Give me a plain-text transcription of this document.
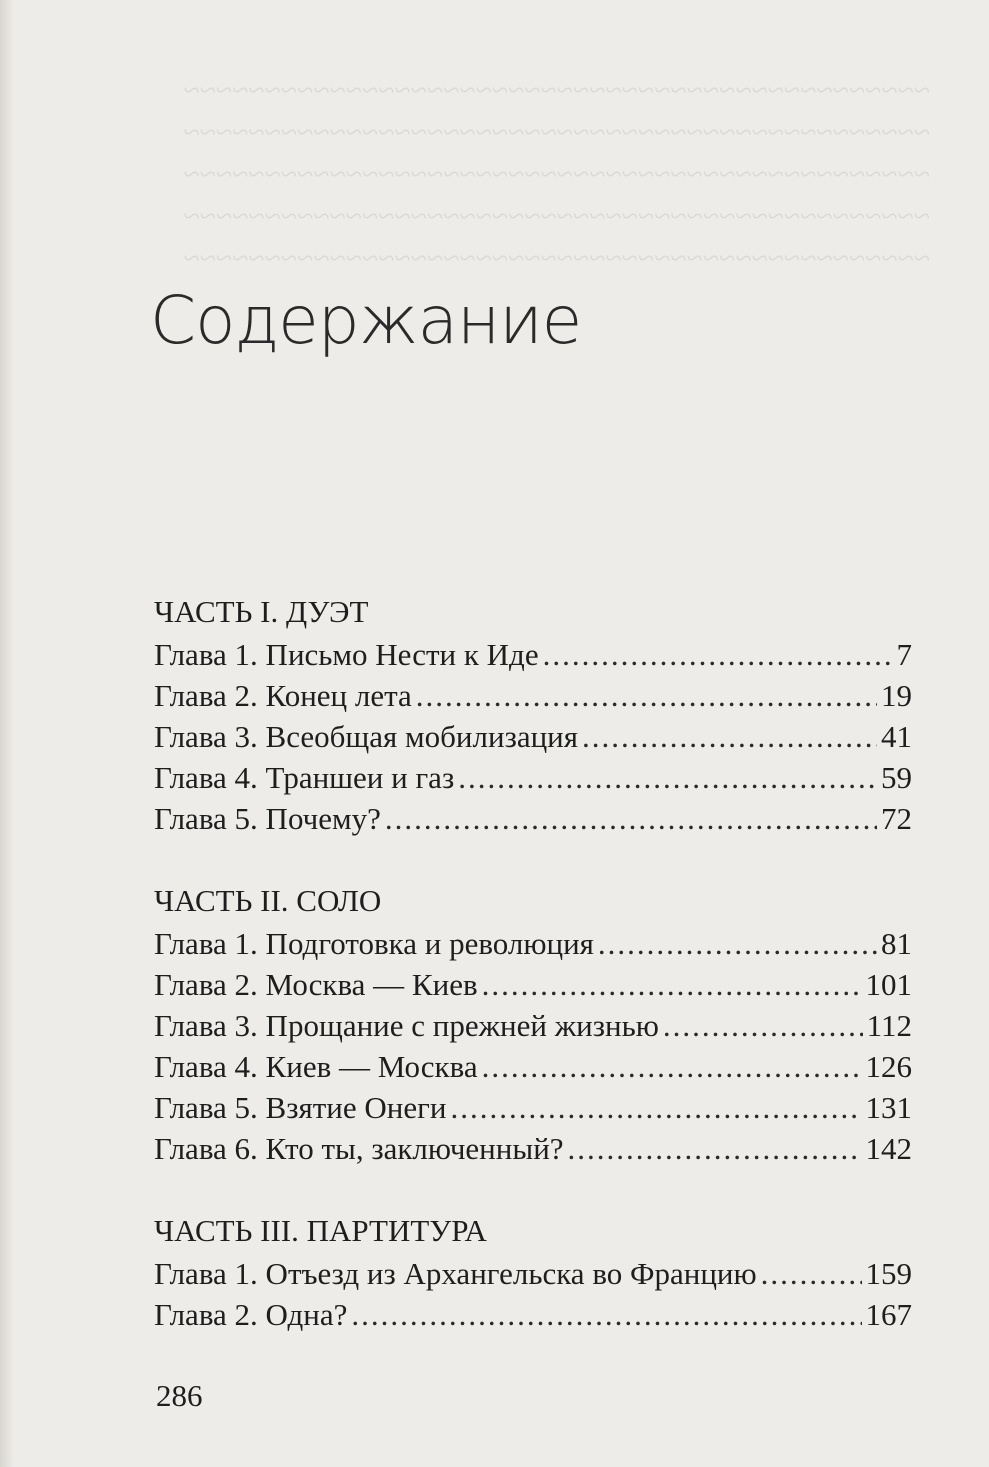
~~~~~~~~~~~~~~~~~~~~~~~~~~~~~~~~~~~~~~~~~~~~~~
~~~~~~~~~~~~~~~~~~~~~~~~~~~~~~~~~~~~~~~~~~~~~~
~~~~~~~~~~~~~~~~~~~~~~~~~~~~~~~~~~~~~~~~~~~~~~
~~~~~~~~~~~~~~~~~~~~~~~~~~~~~~~~~~~~~~~~~~~~~~
~~~~~~~~~~~~~~~~~~~~~~~~~~~~~~~~~~~~~~~~~~~~~~
Содержание
ЧАСТЬ I. ДУЭТ
Глава 1. Письмо Нести к Иде .....	7
Глава 2. Конец лета .....	19
Глава 3. Всеобщая мобилизация .....	41
Глава 4. Траншеи и газ .....	59
Глава 5. Почему? .....	72
ЧАСТЬ II. СОЛО
Глава 1. Подготовка и революция .....	81
Глава 2. Москва — Киев .....	101
Глава 3. Прощание с прежней жизнью .....	112
Глава 4. Киев — Москва .....	126
Глава 5. Взятие Онеги .....	131
Глава 6. Кто ты, заключенный? .....	142
ЧАСТЬ III. ПАРТИТУРА
Глава 1. Отъезд из Архангельска во Францию .....	159
Глава 2. Одна? .....	167

286
